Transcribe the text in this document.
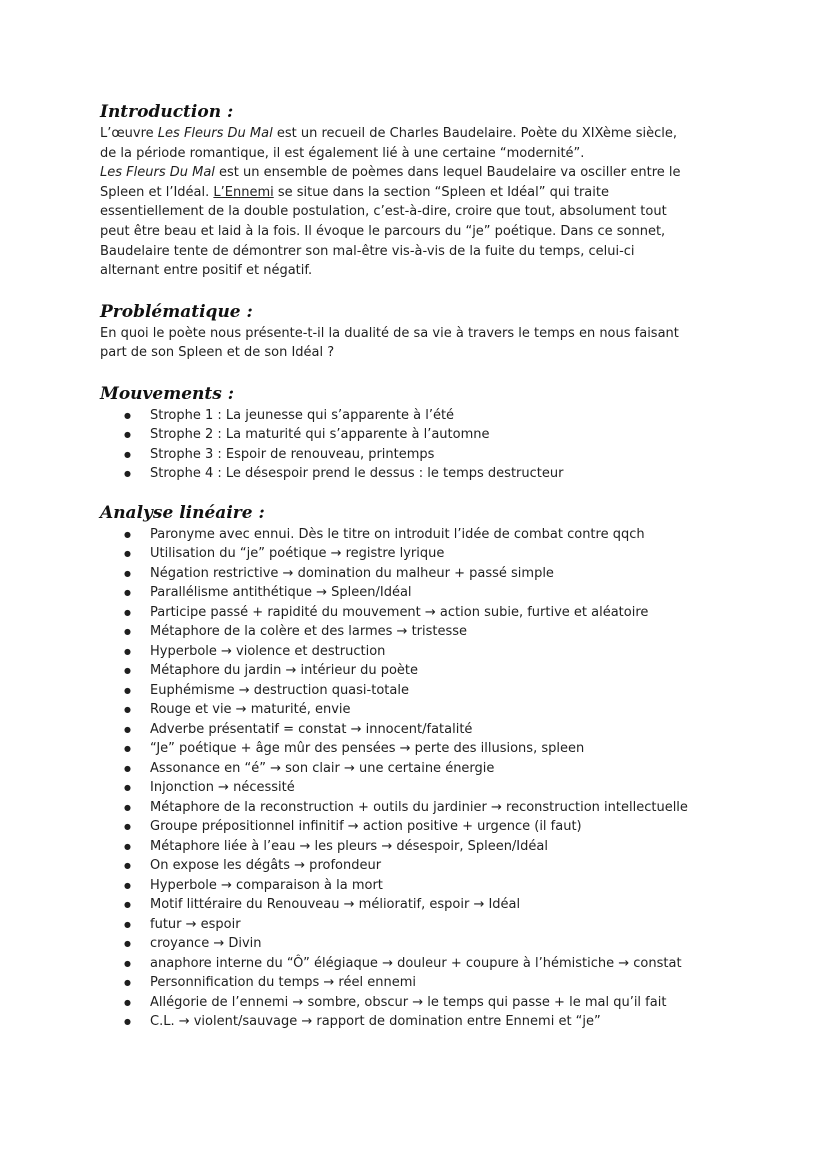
Introduction :

L’œuvre Les Fleurs Du Mal est un recueil de Charles Baudelaire. Poète du XIXème siècle,

de la période romantique, il est également lié à une certaine “modernité”.

Les Fleurs Du Mal est un ensemble de poèmes dans lequel Baudelaire va osciller entre le

Spleen et l’Idéal. L’Ennemi se situe dans la section “Spleen et Idéal” qui traite

essentiellement de la double postulation, c’est-à-dire, croire que tout, absolument tout

peut être beau et laid à la fois. Il évoque le parcours du “je” poétique. Dans ce sonnet,

Baudelaire tente de démontrer son mal-être vis-à-vis de la fuite du temps, celui-ci

alternant entre positif et négatif.

Problématique :

En quoi le poète nous présente-t-il la dualité de sa vie à travers le temps en nous faisant

part de son Spleen et de son Idéal ?

Mouvements :
● Strophe 1 : La jeunesse qui s’apparente à l’été
● Strophe 2 : La maturité qui s’apparente à l’automne
● Strophe 3 : Espoir de renouveau, printemps
● Strophe 4 : Le désespoir prend le dessus : le temps destructeur
Analyse linéaire :
● Paronyme avec ennui. Dès le titre on introduit l’idée de combat contre qqch
● Utilisation du “je” poétique → registre lyrique
● Négation restrictive → domination du malheur + passé simple
● Parallélisme antithétique → Spleen/Idéal
● Participe passé + rapidité du mouvement → action subie, furtive et aléatoire
● Métaphore de la colère et des larmes → tristesse
● Hyperbole → violence et destruction
● Métaphore du jardin → intérieur du poète
● Euphémisme → destruction quasi-totale
● Rouge et vie → maturité, envie
● Adverbe présentatif = constat → innocent/fatalité
● “Je” poétique + âge mûr des pensées → perte des illusions, spleen
● Assonance en “é” → son clair → une certaine énergie
● Injonction → nécessité
● Métaphore de la reconstruction + outils du jardinier → reconstruction intellectuelle
● Groupe prépositionnel infinitif → action positive + urgence (il faut)
● Métaphore liée à l’eau → les pleurs → désespoir, Spleen/Idéal
● On expose les dégâts → profondeur
● Hyperbole → comparaison à la mort
● Motif littéraire du Renouveau → mélioratif, espoir → Idéal
● futur → espoir
● croyance → Divin
● anaphore interne du “Ô” élégiaque → douleur + coupure à l’hémistiche → constat
● Personnification du temps → réel ennemi
● Allégorie de l’ennemi → sombre, obscur → le temps qui passe + le mal qu’il fait
● C.L. → violent/sauvage → rapport de domination entre Ennemi et “je”
